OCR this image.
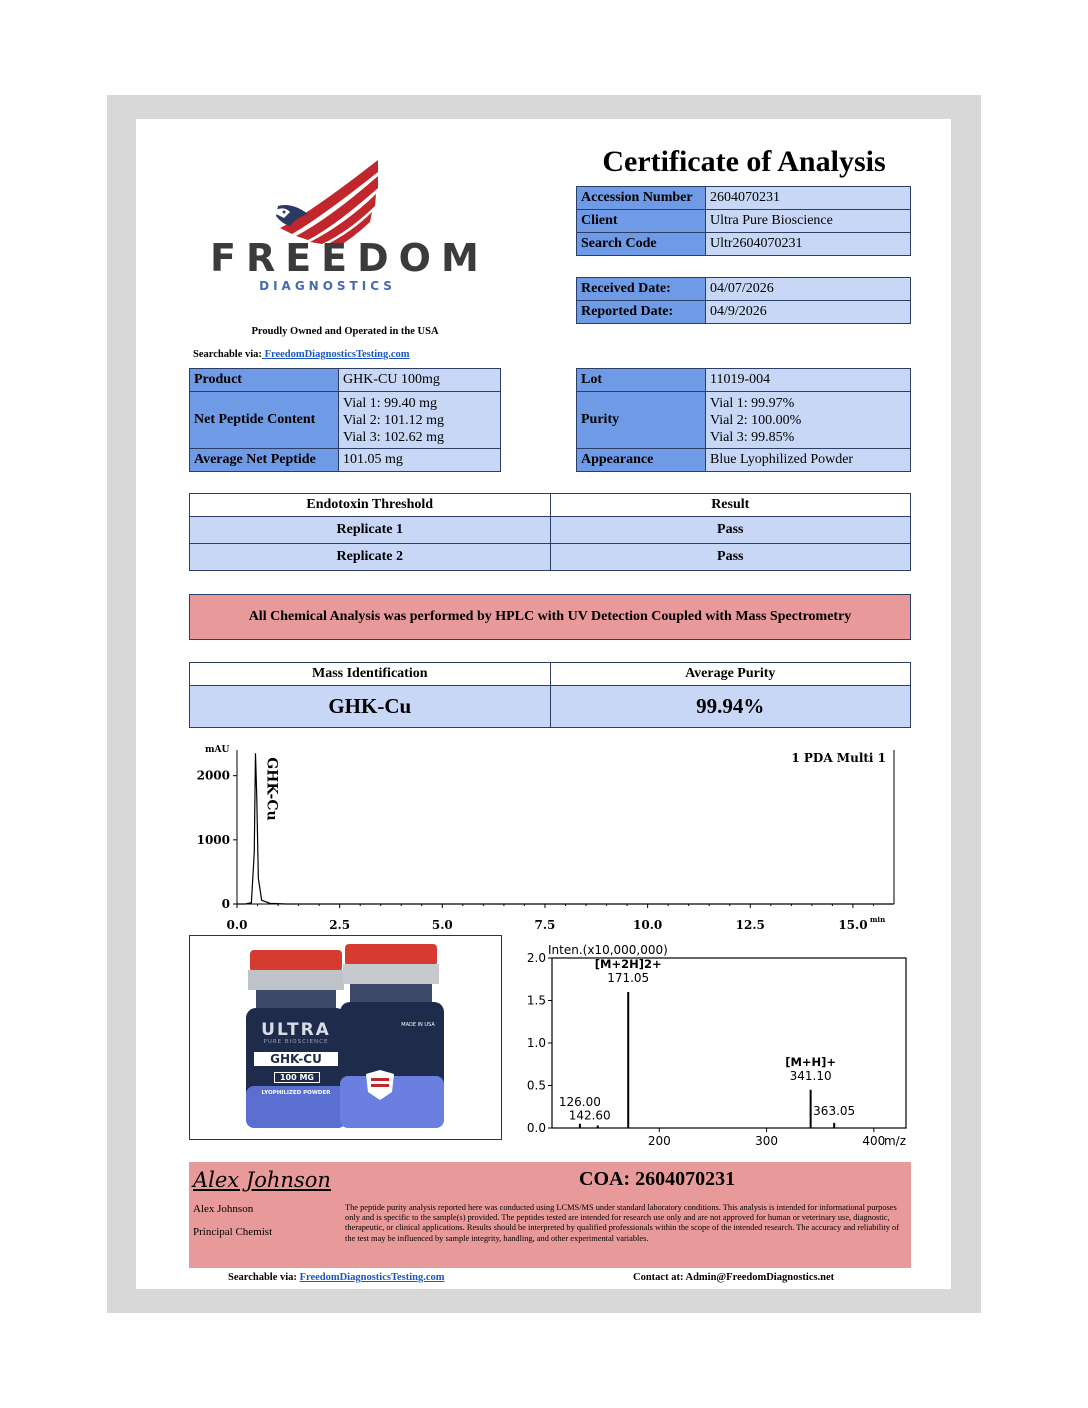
FREEDOM
DIAGNOSTICS
Proudly Owned and Operated in the USA
Searchable via: FreedomDiagnosticsTesting.com
Certificate of Analysis
Accession Number	2604070231
Client	Ultra Pure Bioscience
Search Code	Ultr2604070231
Received Date:	04/07/2026
Reported Date:	04/9/2026
Product	GHK-CU 100mg
Net Peptide Content	Vial 1: 99.40 mg
Vial 2: 101.12 mg
Vial 3: 102.62 mg

Average Net Peptide	101.05 mg
Lot	11019-004
Purity	Vial 1: 99.97%
Vial 2: 100.00%
Vial 3: 99.85%

Appearance	Blue Lyophilized Powder
Endotoxin Threshold	Result
Replicate 1	Pass
Replicate 2	Pass
All Chemical Analysis was performed by HPLC with UV Detection Coupled with Mass Spectrometry
Mass Identification	Average Purity
GHK-Cu	99.94%
0
1000
2000
0.0	2.5	5.0	7.5	10.0	12.5	15.0
mAU
min
1 PDA Multi 1
GHK-Cu
ULTRA
PURE BIOSCIENCE
GHK-CU
100 MG
LYOPHILIZED POWDER
MADE IN USA
Inten.(x10,000,000)
0.0
0.5
1.0
1.5
2.0
200	300	400
m/z
126.00
142.60
171.05
[M+2H]2+
341.10
[M+H]+
363.05
Alex Johnson	COA: 2604070231
Alex Johnson
Principal Chemist
The peptide purity analysis reported here was conducted using LCMS/MS under standard laboratory conditions. This analysis is intended for informational purposes only and is specific to the sample(s) provided. The peptides tested are intended for research use only and are not approved for human or veterinary use, diagnostic, therapeutic, or clinical applications. Results should be interpreted by qualified professionals within the scope of the intended research. The accuracy and reliability of the test may be influenced by sample integrity, handling, and other experimental variables.
Searchable via: FreedomDiagnosticsTesting.com	Contact at: Admin@FreedomDiagnostics.net
